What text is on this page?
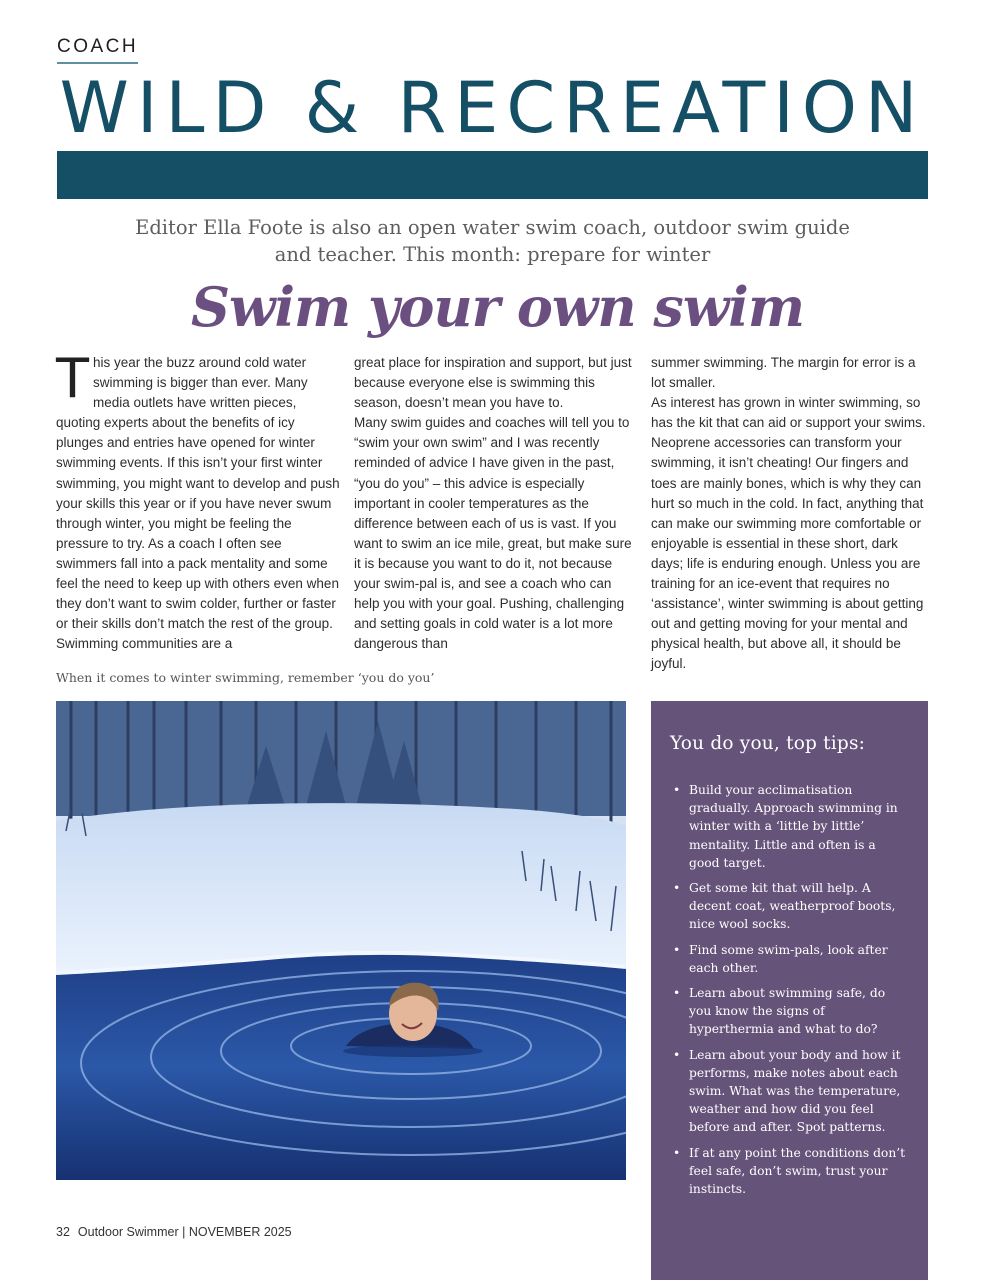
COACH
WILD & RECREATION
Editor Ella Foote is also an open water swim coach, outdoor swim guide and teacher. This month: prepare for winter
Swim your own swim
This year the buzz around cold water swimming is bigger than ever. Many media outlets have written pieces, quoting experts about the benefits of icy plunges and entries have opened for winter swimming events. If this isn’t your first winter swimming, you might want to develop and push your skills this year or if you have never swum through winter, you might be feeling the pressure to try. As a coach I often see swimmers fall into a pack mentality and some feel the need to keep up with others even when they don’t want to swim colder, further or faster or their skills don’t match the rest of the group. Swimming communities are a
great place for inspiration and support, but just because everyone else is swimming this season, doesn’t mean you have to.
Many swim guides and coaches will tell you to “swim your own swim” and I was recently reminded of advice I have given in the past, “you do you” – this advice is especially important in cooler temperatures as the difference between each of us is vast. If you want to swim an ice mile, great, but make sure it is because you want to do it, not because your swim-pal is, and see a coach who can help you with your goal. Pushing, challenging and setting goals in cold water is a lot more dangerous than
summer swimming. The margin for error is a lot smaller.
As interest has grown in winter swimming, so has the kit that can aid or support your swims. Neoprene accessories can transform your swimming, it isn’t cheating! Our fingers and toes are mainly bones, which is why they can hurt so much in the cold. In fact, anything that can make our swimming more comfortable or enjoyable is essential in these short, dark days; life is enduring enough. Unless you are training for an ice-event that requires no ‘assistance’, winter swimming is about getting out and getting moving for your mental and physical health, but above all, it should be joyful.
When it comes to winter swimming, remember ‘you do you’
You do you, top tips:
• Build your acclimatisation gradually. Approach swimming in winter with a ‘little by little’ mentality. Little and often is a good target.
• Get some kit that will help. A decent coat, weatherproof boots, nice wool socks.
• Find some swim-pals, look after each other.
• Learn about swimming safe, do you know the signs of hyperthermia and what to do?
• Learn about your body and how it performs, make notes about each swim. What was the temperature, weather and how did you feel before and after. Spot patterns.
• If at any point the conditions don’t feel safe, don’t swim, trust your instincts.
32 Outdoor Swimmer | NOVEMBER 2025
